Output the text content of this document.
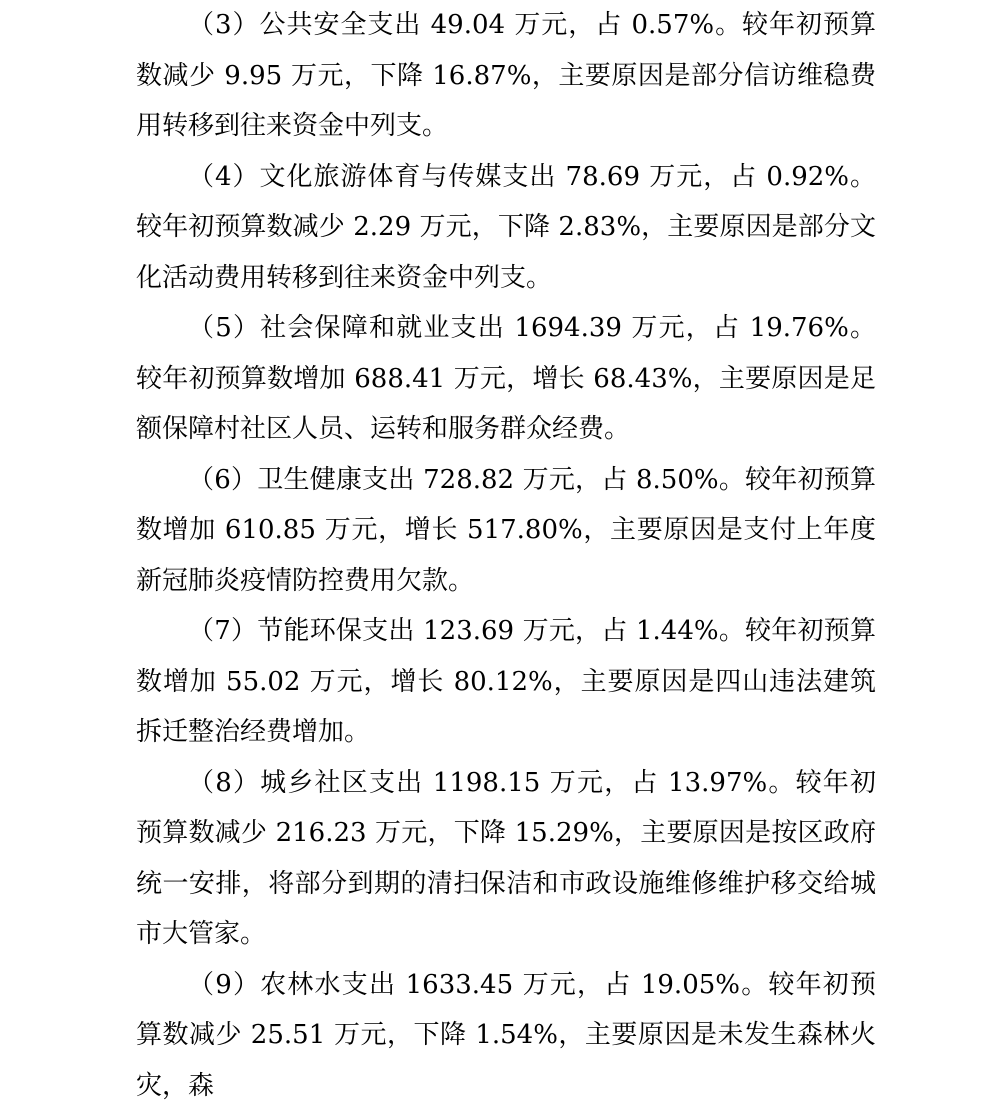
（3）公共安全支出 49.04 万元，占 0.57%。较年初预算数减少 9.95 万元，下降 16.87%，主要原因是部分信访维稳费用转移到往来资金中列支。

（4）文化旅游体育与传媒支出 78.69 万元，占 0.92%。较年初预算数减少 2.29 万元，下降 2.83%，主要原因是部分文化活动费用转移到往来资金中列支。

（5）社会保障和就业支出 1694.39 万元，占 19.76%。较年初预算数增加 688.41 万元，增长 68.43%，主要原因是足额保障村社区人员、运转和服务群众经费。

（6）卫生健康支出 728.82 万元，占 8.50%。较年初预算数增加 610.85 万元，增长 517.80%，主要原因是支付上年度新冠肺炎疫情防控费用欠款。

（7）节能环保支出 123.69 万元，占 1.44%。较年初预算数增加 55.02 万元，增长 80.12%，主要原因是四山违法建筑拆迁整治经费增加。

（8）城乡社区支出 1198.15 万元，占 13.97%。较年初预算数减少 216.23 万元，下降 15.29%，主要原因是按区政府统一安排，将部分到期的清扫保洁和市政设施维修维护移交给城市大管家。

（9）农林水支出 1633.45 万元，占 19.05%。较年初预算数减少 25.51 万元，下降 1.54%，主要原因是未发生森林火灾，森
